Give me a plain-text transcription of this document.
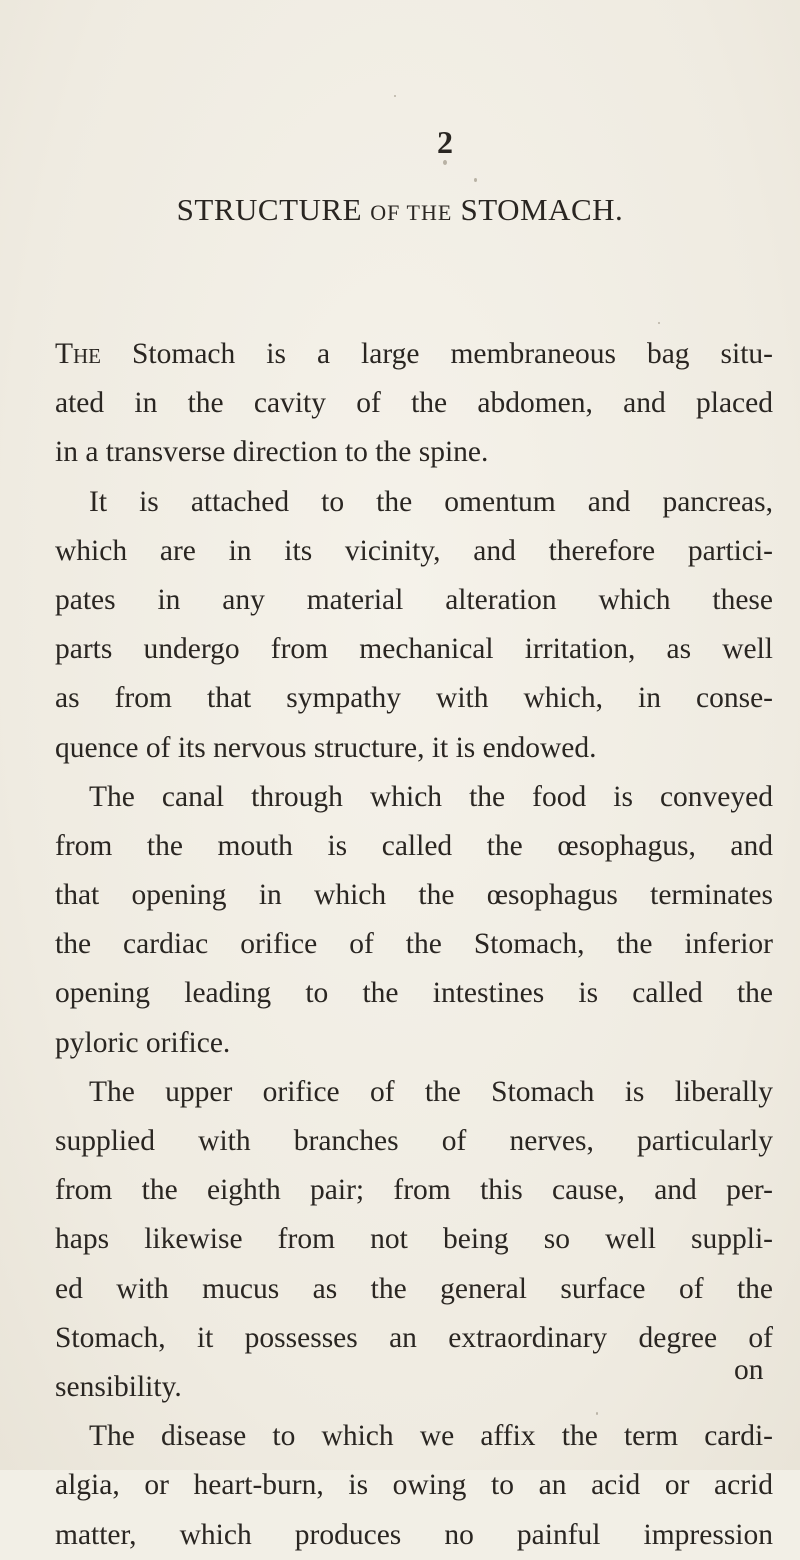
2
STRUCTURE OF THE STOMACH.
The Stomach is a large membraneous bag situ-
ated in the cavity of the abdomen, and placed
in a transverse direction to the spine.
It is attached to the omentum and pancreas,
which are in its vicinity, and therefore partici-
pates in any material alteration which these
parts undergo from mechanical irritation, as well
as from that sympathy with which, in conse-
quence of its nervous structure, it is endowed.
The canal through which the food is conveyed
from the mouth is called the œsophagus, and
that opening in which the œsophagus terminates
the cardiac orifice of the Stomach, the inferior
opening leading to the intestines is called the
pyloric orifice.
The upper orifice of the Stomach is liberally
supplied with branches of nerves, particularly
from the eighth pair; from this cause, and per-
haps likewise from not being so well suppli-
ed with mucus as the general surface of the
Stomach, it possesses an extraordinary degree of
sensibility.
The disease to which we affix the term cardi-
algia, or heart-burn, is owing to an acid or acrid
matter, which produces no painful impression
on
